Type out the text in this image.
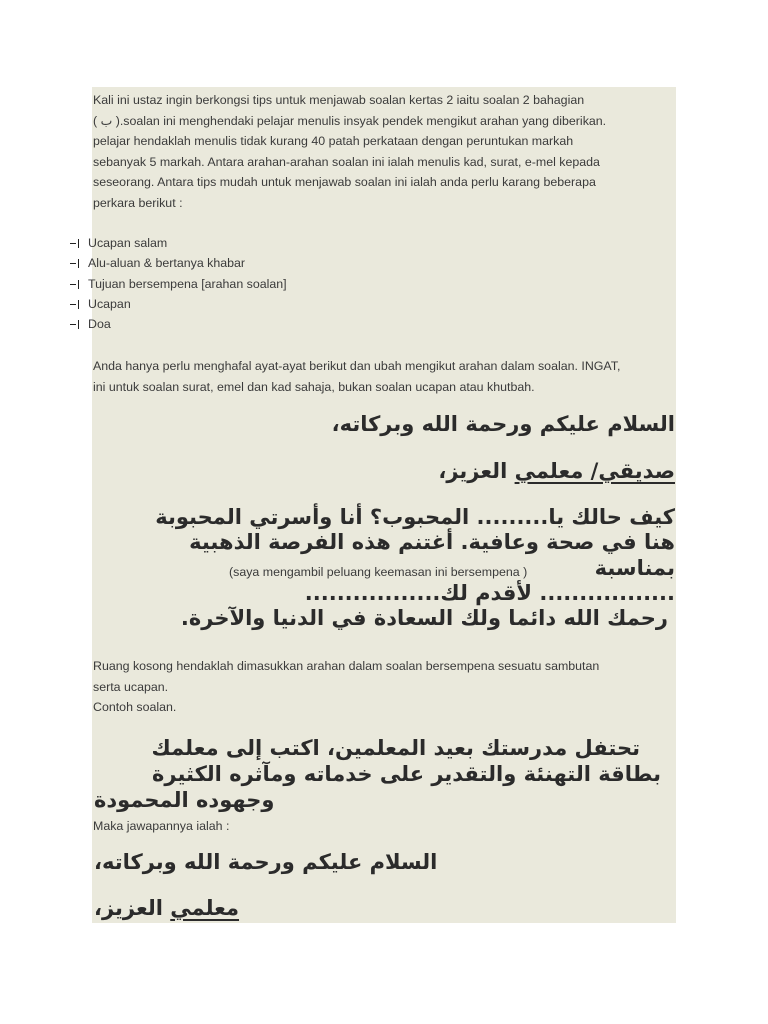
Kali ini ustaz ingin berkongsi tips untuk menjawab soalan kertas 2 iaitu soalan 2 bahagian
( ب ).soalan ini menghendaki pelajar menulis insyak pendek mengikut arahan yang diberikan.
pelajar hendaklah menulis tidak kurang 40 patah perkataan dengan peruntukan markah
sebanyak 5 markah. Antara arahan-arahan soalan ini ialah menulis kad, surat, e-mel kepada
seseorang. Antara tips mudah untuk menjawab soalan ini ialah anda perlu karang beberapa
perkara berikut :

Ucapan salam
Alu-aluan & bertanya khabar
Tujuan bersempena [arahan soalan]
Ucapan
Doa

Anda hanya perlu menghafal ayat-ayat berikut dan ubah mengikut arahan dalam soalan. INGAT,
ini untuk soalan surat, emel dan kad sahaja, bukan soalan ucapan atau khutbah.

السلام عليكم ورحمة الله وبركاته،

صديقي/ معلمي العزيز،

كيف حالك يا......... المحبوب؟ أنا وأسرتي المحبوبة

هنا في صحة وعافية. أغتنم هذه الفرصة الذهبية

بمناسبة

(saya mengambil peluang keemasan ini bersempena )

................. لأقدم لك.................

رحمك الله دائما ولك السعادة في الدنيا والآخرة.

Ruang kosong hendaklah dimasukkan arahan dalam soalan bersempena sesuatu sambutan
serta ucapan.
Contoh soalan.

تحتفل مدرستك بعيد المعلمين، اكتب إلى معلمك

بطاقة التهنئة والتقدير على خدماته ومآثره الكثيرة

وجهوده المحمودة

Maka jawapannya ialah :

السلام عليكم ورحمة الله وبركاته،

معلمي العزيز،
